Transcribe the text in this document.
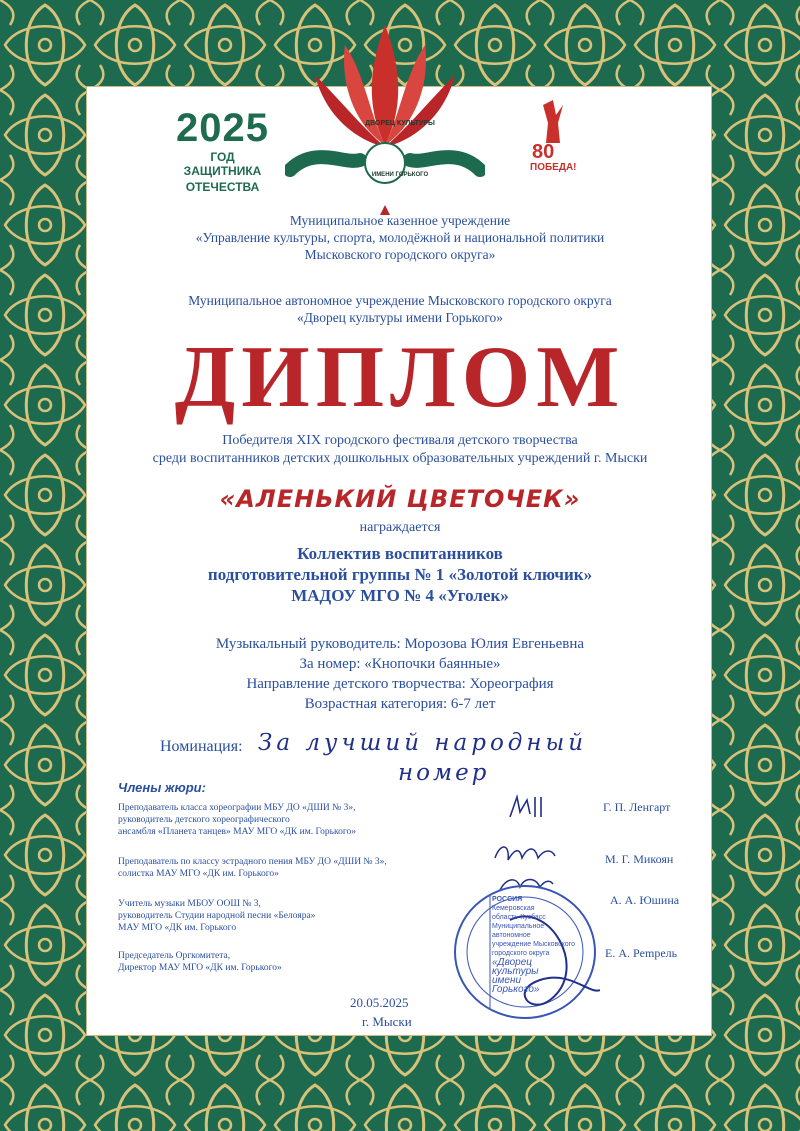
ДВОРЕЦ КУЛЬТУРЫ
ИМЕНИ ГОРЬКОГО
2025
ГОД ЗАЩИТНИКА
ОТЕЧЕСТВА
80
ПОБЕДА!
Муниципальное казенное учреждение
«Управление культуры, спорта, молодёжной и национальной политики
Мысковского городского округа»
Муниципальное автономное учреждение Мысковского городского округа
«Дворец культуры имени Горького»
ДИПЛОМ
Победителя XIX городского фестиваля детского творчества
среди воспитанников детских дошкольных образовательных учреждений г. Мыски
«АЛЕНЬКИЙ ЦВЕТОЧЕК»
награждается
Коллектив воспитанников
подготовительной группы № 1 «Золотой ключик»
МАДОУ МГО № 4 «Уголек»
Музыкальный руководитель: Морозова Юлия Евгеньевна
За номер: «Кнопочки баянные»
Направление детского творчества: Хореография
Возрастная категория: 6-7 лет
Номинация: За лучший народный
номер
Члены жюри:
Преподаватель класса хореографии МБУ ДО «ДШИ № 3»,
руководитель детского хореографического
ансамбля «Планета танцев» МАУ МГО «ДК им. Горького»
Г. П. Ленгарт
Преподаватель по классу эстрадного пения МБУ ДО «ДШИ № 3»,
солистка МАУ МГО «ДК им. Горького»
М. Г. Микоян
Учитель музыки МБОУ ООШ № 3,
руководитель Студии народной песни «Белояра»
МАУ МГО «ДК им. Горького
А. А. Юшина
Председатель Оргкомитета,
Директор МАУ МГО «ДК им. Горького»
Е. А. Рempель
РОССИЯ
Кемеровская
область-Кузбасс
Муниципальное
автономное
учреждение Мысковского
городского округа
«Дворец
культуры
имени
Горького»
20.05.2025
г. Мыски
